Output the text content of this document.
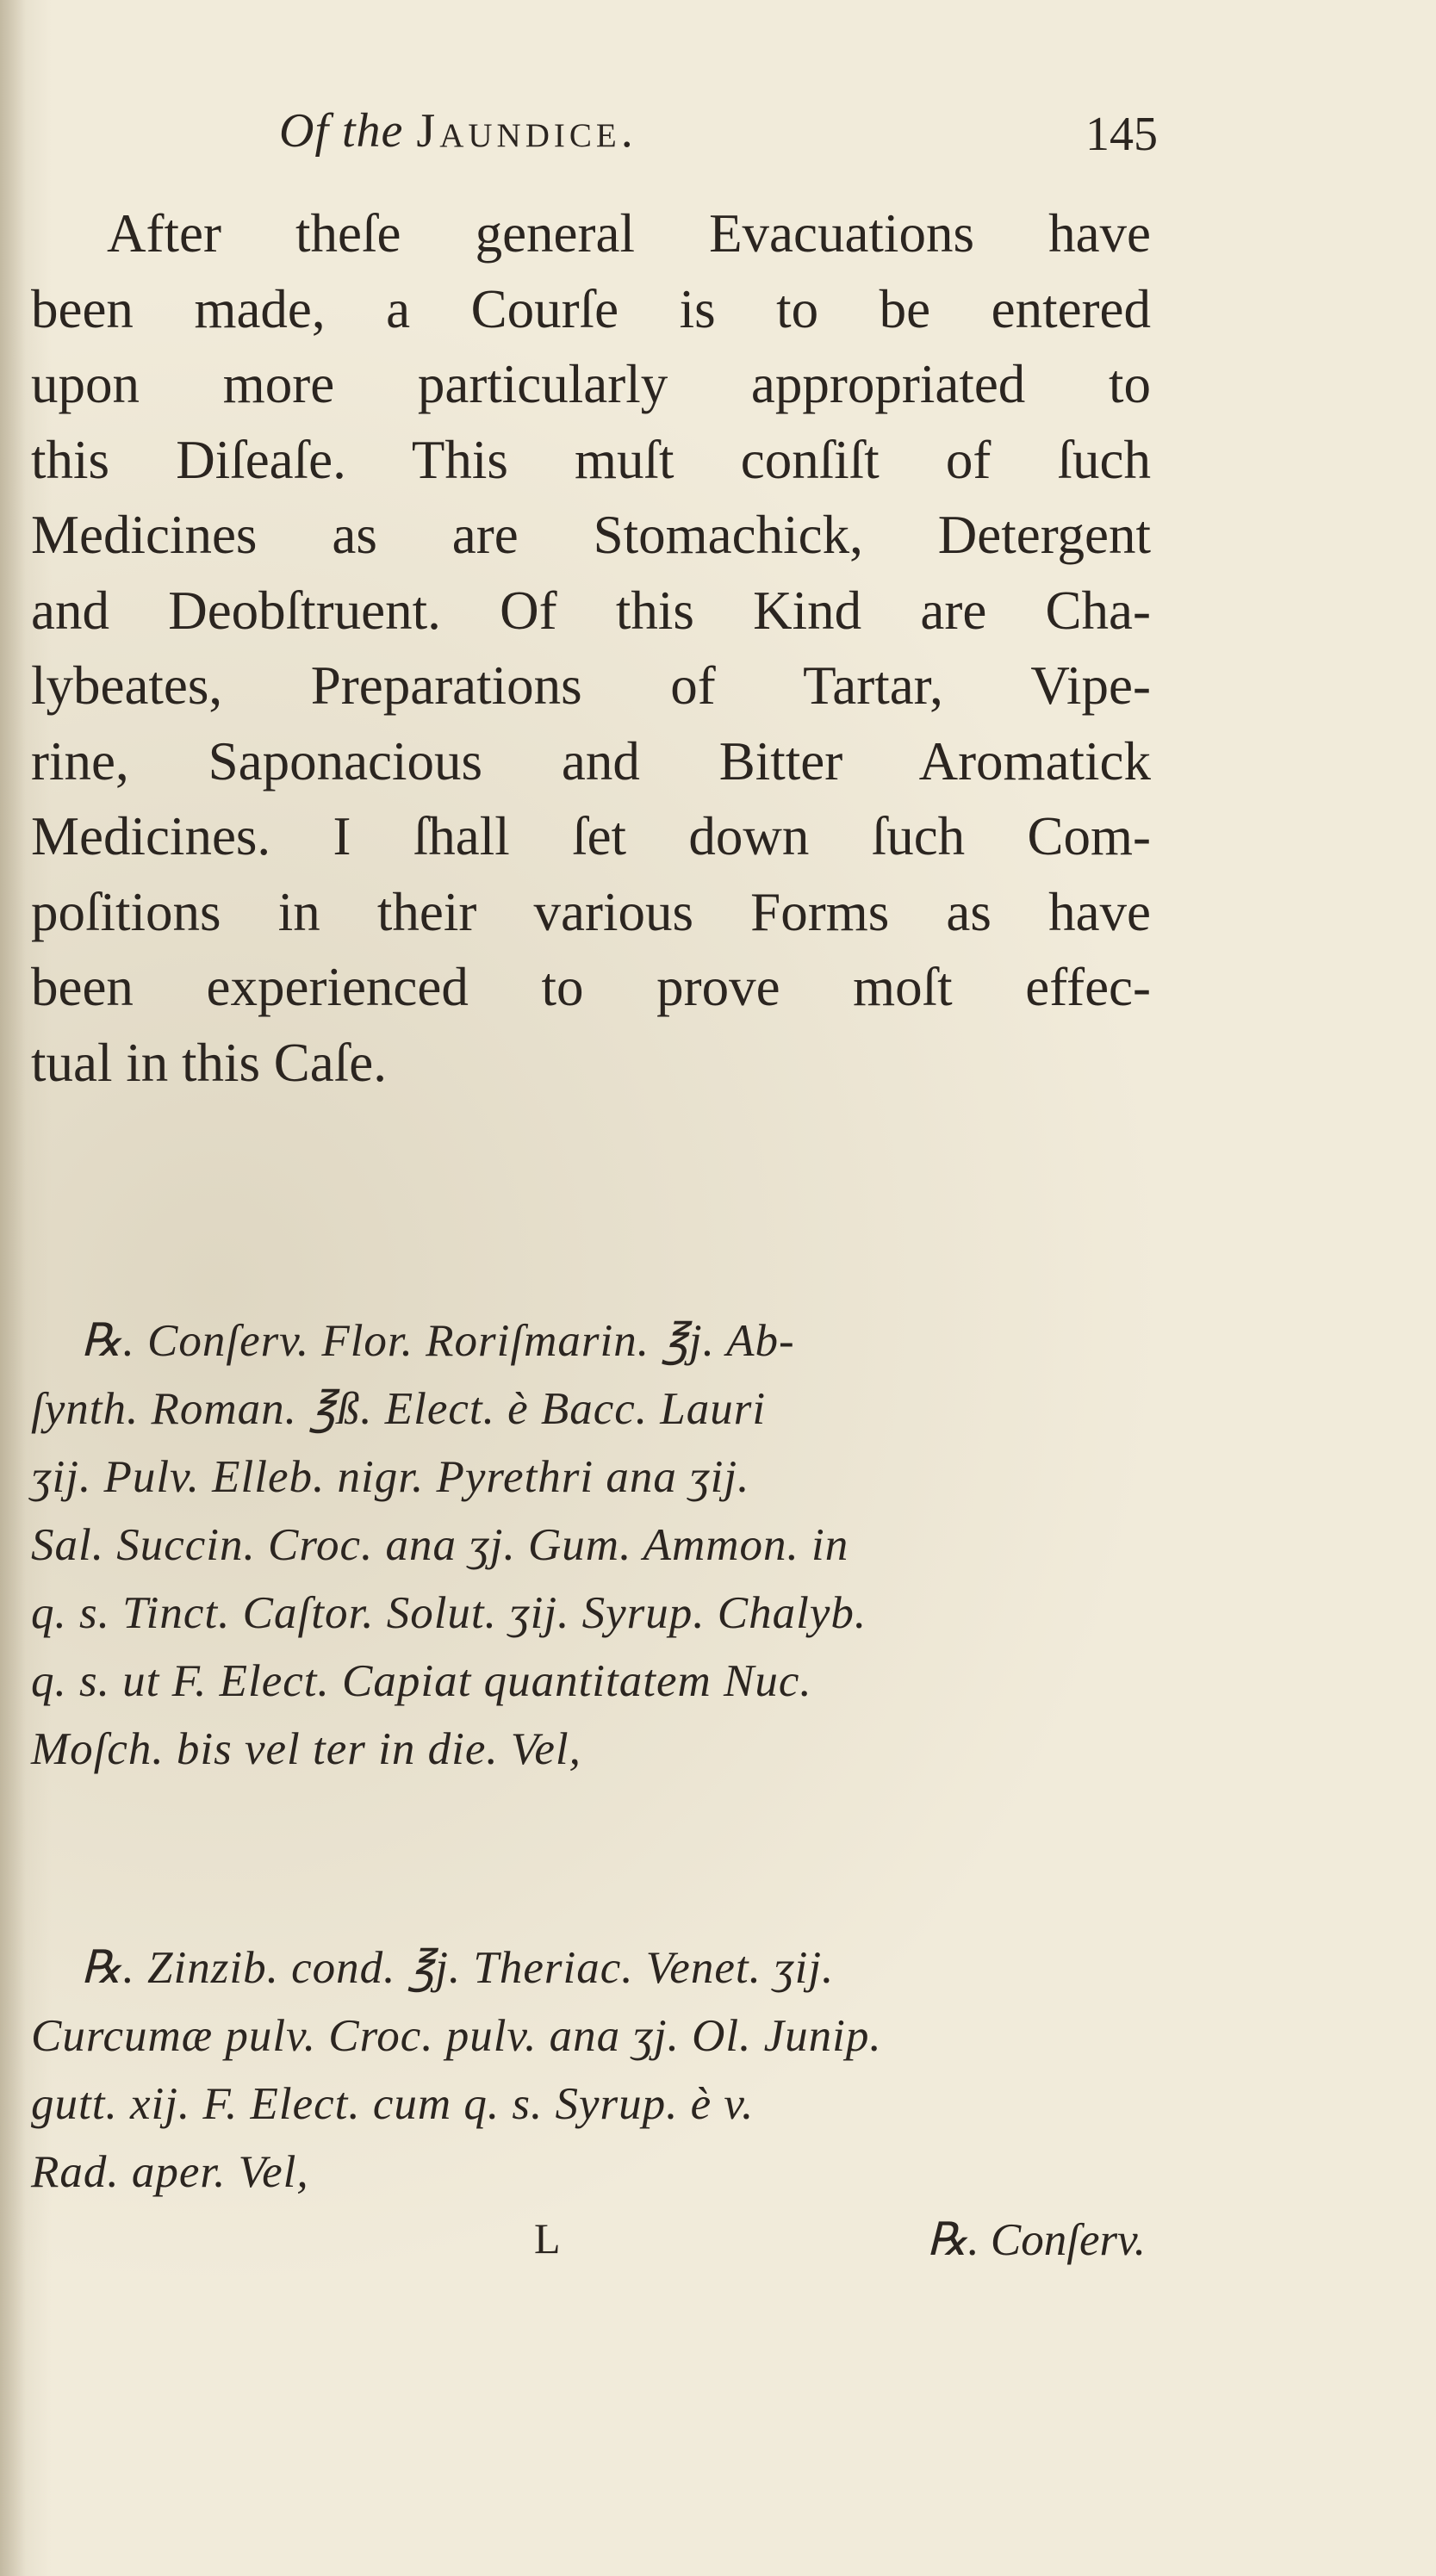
Of the Jaundice.	145
After theſe general Evacuations have
been made, a Courſe is to be entered
upon more particularly appropriated to
this Diſeaſe. This muſt conſiſt of ſuch
Medicines as are Stomachick, Detergent
and Deobſtruent. Of this Kind are Cha-
lybeates, Preparations of Tartar, Vipe-
rine, Saponacious and Bitter Aromatick
Medicines. I ſhall ſet down ſuch Com-
poſitions in their various Forms as have
been experienced to prove moſt effec-
tual in this Caſe.
℞. Conſerv. Flor. Roriſmarin. ℥j. Ab-
ſynth. Roman. ℥ß. Elect. è Bacc. Lauri
ʒij. Pulv. Elleb. nigr. Pyrethri ana ʒij.
Sal. Succin. Croc. ana ʒj. Gum. Ammon. in
q. s. Tinct. Caſtor. Solut. ʒij. Syrup. Chalyb.
q. s. ut F. Elect. Capiat quantitatem Nuc.
Moſch. bis vel ter in die. Vel,
℞. Zinzib. cond. ℥j. Theriac. Venet. ʒij.
Curcumæ pulv. Croc. pulv. ana ʒj. Ol. Junip.
gutt. xij. F. Elect. cum q. s. Syrup. è v.
Rad. aper. Vel,
L	℞. Conſerv.
